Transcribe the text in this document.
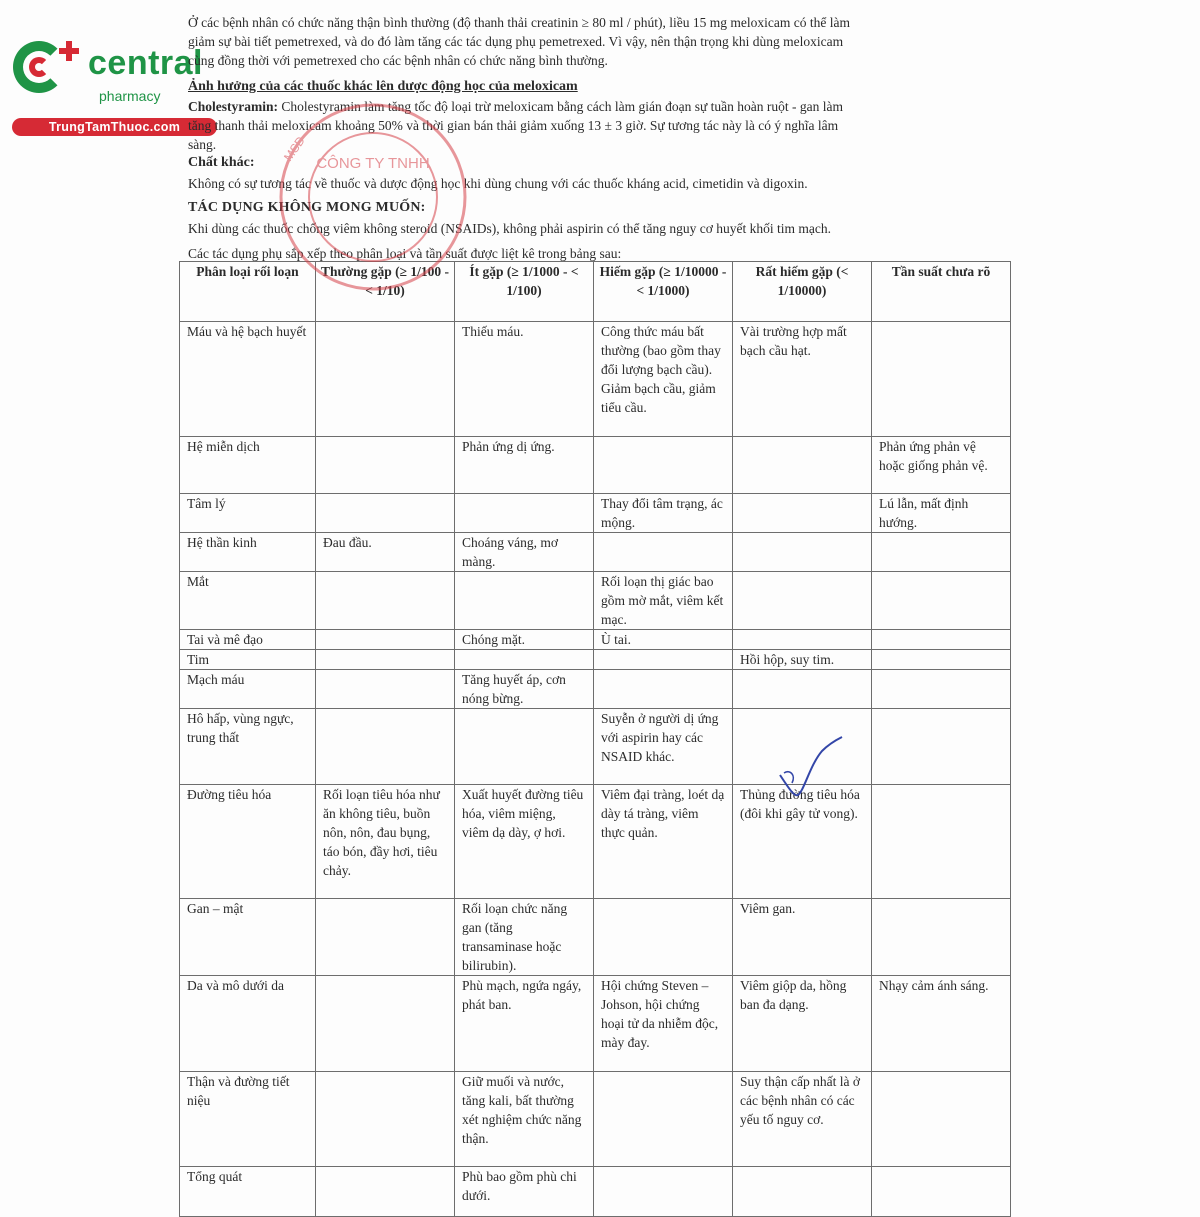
central
pharmacy
TrungTamThuoc.com

Ở các bệnh nhân có chức năng thận bình thường (độ thanh thải creatinin ≥ 80 ml / phút), liều 15 mg meloxicam có thể làm
giảm sự bài tiết pemetrexed, và do đó làm tăng các tác dụng phụ pemetrexed. Vì vậy, nên thận trọng khi dùng meloxicam
cùng đồng thời với pemetrexed cho các bệnh nhân có chức năng bình thường.

Ảnh hưởng của các thuốc khác lên dược động học của meloxicam

Cholestyramin: Cholestyramin làm tăng tốc độ loại trừ meloxicam bằng cách làm gián đoạn sự tuần hoàn ruột - gan làm
tăng thanh thải meloxicam khoảng 50% và thời gian bán thải giảm xuống 13 ± 3 giờ. Sự tương tác này là có ý nghĩa lâm
sàng.

Chất khác:

Không có sự tương tác về thuốc và dược động học khi dùng chung với các thuốc kháng acid, cimetidin và digoxin.

TÁC DỤNG KHÔNG MONG MUỐN:

Khi dùng các thuốc chống viêm không steroid (NSAIDs), không phải aspirin có thể tăng nguy cơ huyết khối tim mạch.

Các tác dụng phụ sắp xếp theo phân loại và tần suất được liệt kê trong bảng sau:

Phân loại rối loạn	Thường gặp (≥ 1/100 - < 1/10)	Ít gặp (≥ 1/1000 - < 1/100)	Hiếm gặp (≥ 1/10000 - < 1/1000)	Rất hiếm gặp (< 1/10000)	Tần suất chưa rõ
Máu và hệ bạch huyết		Thiếu máu.	Công thức máu bất thường (bao gồm thay đổi lượng bạch cầu). Giảm bạch cầu, giảm tiểu cầu.	Vài trường hợp mất bạch cầu hạt.	
Hệ miễn dịch		Phản ứng dị ứng.			Phản ứng phản vệ hoặc giống phản vệ.
Tâm lý			Thay đổi tâm trạng, ác mộng.		Lú lẫn, mất định hướng.
Hệ thần kinh	Đau đầu.	Choáng váng, mơ màng.			
Mắt			Rối loạn thị giác bao gồm mờ mắt, viêm kết mạc.		
Tai và mê đạo		Chóng mặt.	Ù tai.		
Tim				Hồi hộp, suy tim.	
Mạch máu		Tăng huyết áp, cơn nóng bừng.			
Hô hấp, vùng ngực, trung thất			Suyễn ở người dị ứng với aspirin hay các NSAID khác.		
Đường tiêu hóa	Rối loạn tiêu hóa như ăn không tiêu, buồn nôn, nôn, đau bụng, táo bón, đầy hơi, tiêu chảy.	Xuất huyết đường tiêu hóa, viêm miệng, viêm dạ dày, ợ hơi.	Viêm đại tràng, loét dạ dày tá tràng, viêm thực quản.	Thủng đường tiêu hóa (đôi khi gây tử vong).	
Gan – mật		Rối loạn chức năng gan (tăng transaminase hoặc bilirubin).		Viêm gan.	
Da và mô dưới da		Phù mạch, ngứa ngáy, phát ban.	Hội chứng Steven – Johson, hội chứng hoại tử da nhiễm độc, mày đay.	Viêm giộp da, hồng ban đa dạng.	Nhạy cảm ánh sáng.
Thận và đường tiết niệu		Giữ muối và nước, tăng kali, bất thường xét nghiệm chức năng thận.		Suy thận cấp nhất là ở các bệnh nhân có các yếu tố nguy cơ.	
Tổng quát		Phù bao gồm phù chi dưới.			
MSD CÔNG TY TNHH
